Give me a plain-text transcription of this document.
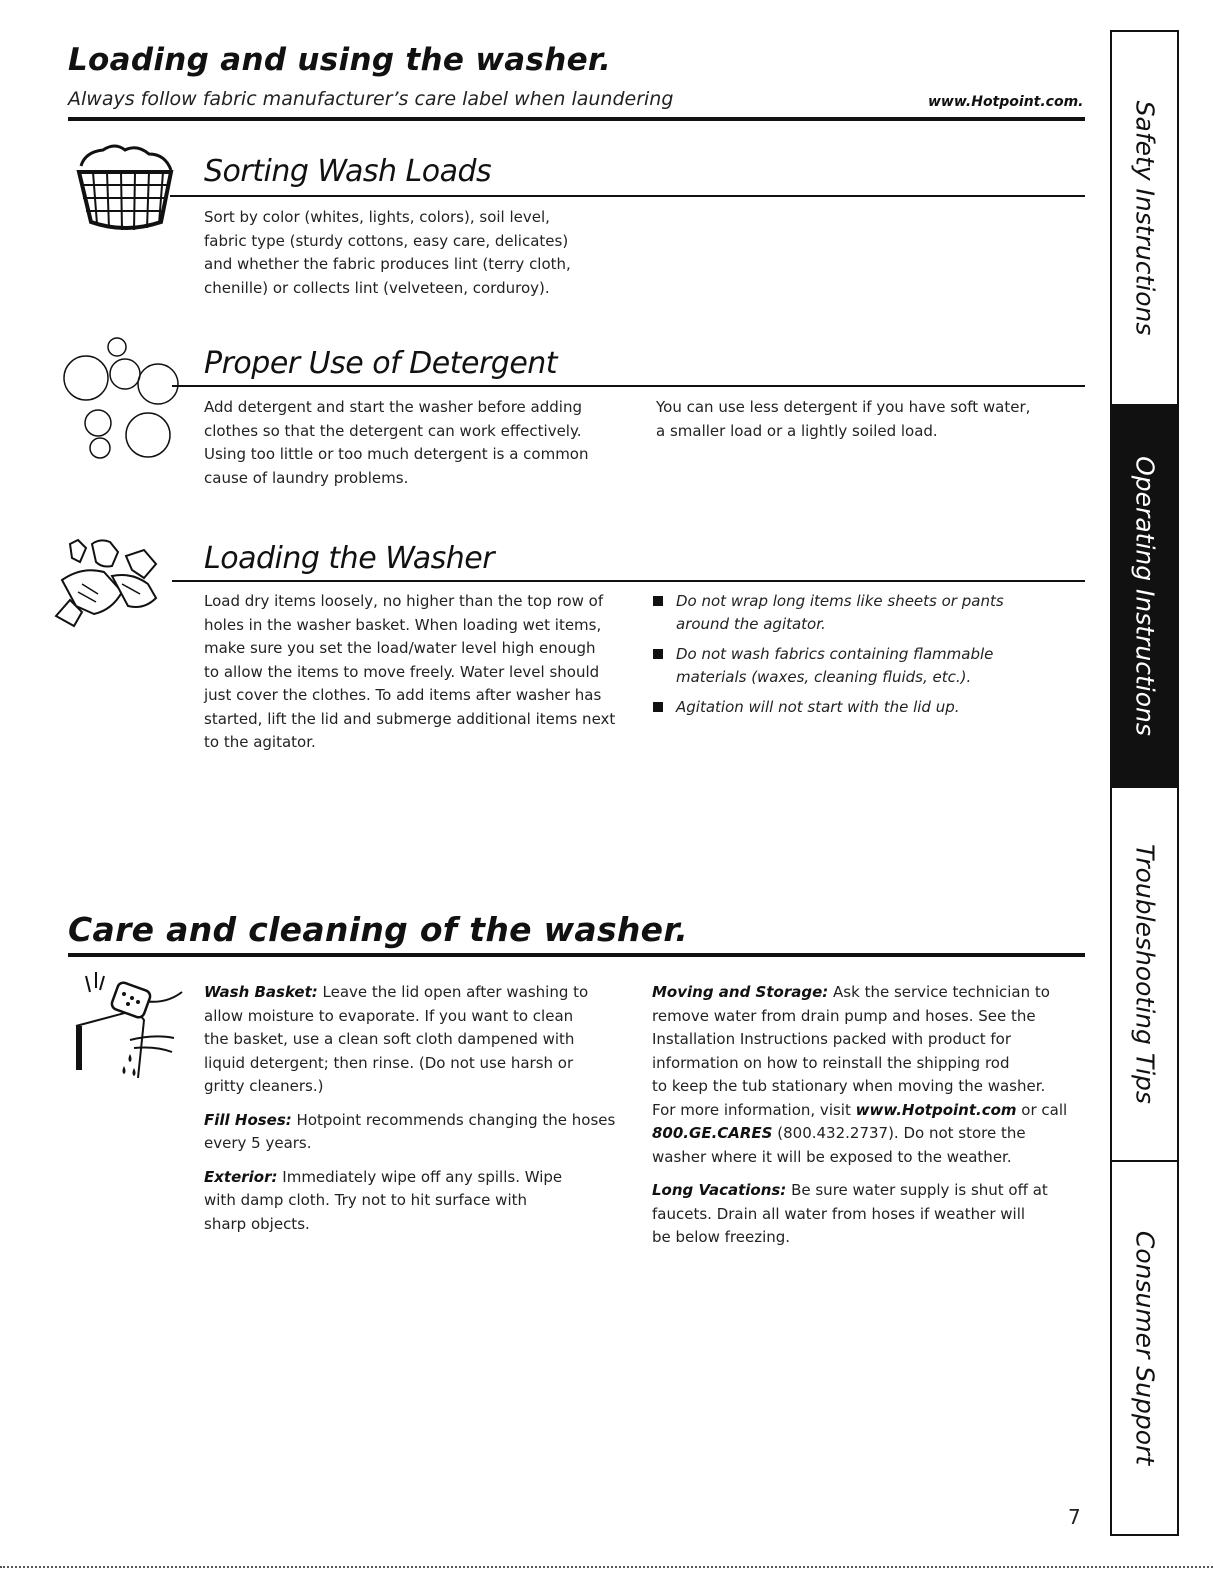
Loading and using the washer.
Always follow fabric manufacturer’s care label when laundering	www.Hotpoint.com.
Sorting Wash Loads

Sort by color (whites, lights, colors), soil level,

fabric type (sturdy cottons, easy care, delicates)

and whether the fabric produces lint (terry cloth,

chenille) or collects lint (velveteen, corduroy).

Proper Use of Detergent

Add detergent and start the washer before adding

clothes so that the detergent can work effectively.

Using too little or too much detergent is a common

cause of laundry problems.

You can use less detergent if you have soft water,

a smaller load or a lightly soiled load.

Loading the Washer

Load dry items loosely, no higher than the top row of

holes in the washer basket. When loading wet items,

make sure you set the load/water level high enough

to allow the items to move freely. Water level should

just cover the clothes. To add items after washer has

started, lift the lid and submerge additional items next

to the agitator.

Do not wrap long items like sheets or pants
around the agitator.
Do not wash fabrics containing flammable
materials (waxes, cleaning fluids, etc.).
Agitation will not start with the lid up.
Care and cleaning of the washer.
Wash Basket: Leave the lid open after washing to

allow moisture to evaporate. If you want to clean

the basket, use a clean soft cloth dampened with

liquid detergent; then rinse. (Do not use harsh or

gritty cleaners.)

Fill Hoses: Hotpoint recommends changing the hoses

every 5 years.

Exterior: Immediately wipe off any spills. Wipe

with damp cloth. Try not to hit surface with

sharp objects.

Moving and Storage: Ask the service technician to

remove water from drain pump and hoses. See the

Installation Instructions packed with product for

information on how to reinstall the shipping rod

to keep the tub stationary when moving the washer.

For more information, visit www.Hotpoint.com or call
800.GE.CARES (800.432.2737). Do not store the

washer where it will be exposed to the weather.

Long Vacations: Be sure water supply is shut off at

faucets. Drain all water from hoses if weather will

be below freezing.

Safety Instructions
Operating Instructions
Troubleshooting Tips
Consumer Support
7
